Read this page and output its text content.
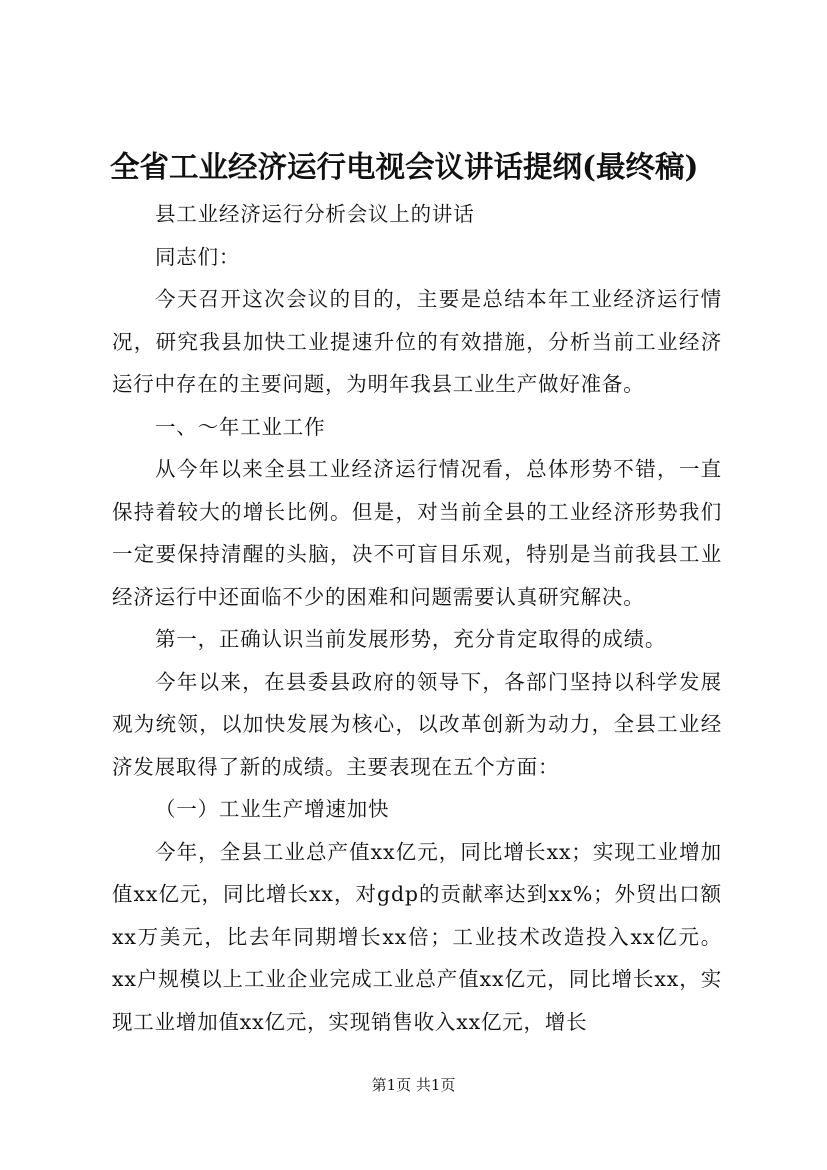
全省工业经济运行电视会议讲话提纲(最终稿)

县工业经济运行分析会议上的讲话

同志们：

今天召开这次会议的目的，主要是总结本年工业经济运行情况，研究我县加快工业提速升位的有效措施，分析当前工业经济运行中存在的主要问题，为明年我县工业生产做好准备。

一、～年工业工作

从今年以来全县工业经济运行情况看，总体形势不错，一直保持着较大的增长比例。但是，对当前全县的工业经济形势我们一定要保持清醒的头脑，决不可盲目乐观，特别是当前我县工业经济运行中还面临不少的困难和问题需要认真研究解决。

第一，正确认识当前发展形势，充分肯定取得的成绩。

今年以来，在县委县政府的领导下，各部门坚持以科学发展观为统领，以加快发展为核心，以改革创新为动力，全县工业经济发展取得了新的成绩。主要表现在五个方面：

（一）工业生产增速加快

今年，全县工业总产值xx亿元，同比增长xx；实现工业增加值xx亿元，同比增长xx，对gdp的贡献率达到xx%；外贸出口额xx万美元，比去年同期增长xx倍；工业技术改造投入xx亿元。xx户规模以上工业企业完成工业总产值xx亿元，同比增长xx，实现工业增加值xx亿元，实现销售收入xx亿元，增长

第1页 共1页
